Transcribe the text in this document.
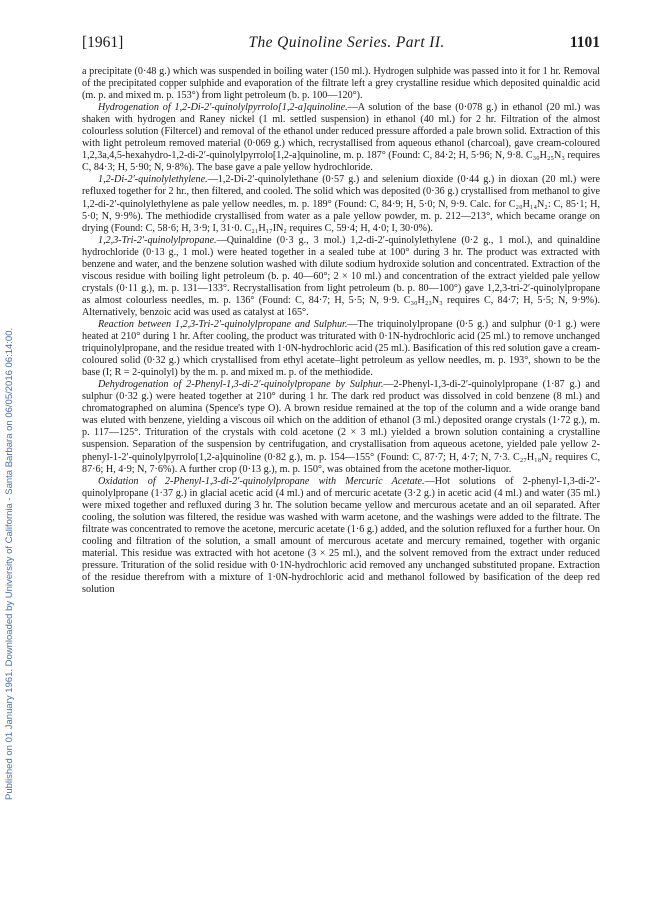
Published on 01 January 1961. Downloaded by University of California - Santa Barbara on 06/05/2016 06:14:00.
[1961]	The Quinoline Series. Part II.	1101

a precipitate (0·48 g.) which was suspended in boiling water (150 ml.). Hydrogen sulphide was passed into it for 1 hr. Removal of the precipitated copper sulphide and evaporation of the filtrate left a grey crystalline residue which deposited quinaldic acid (m. p. and mixed m. p. 153°) from light petroleum (b. p. 100—120°).

Hydrogenation of 1,2-Di-2′-quinolylpyrrolo[1,2-a]quinoline.—A solution of the base (0·078 g.) in ethanol (20 ml.) was shaken with hydrogen and Raney nickel (1 ml. settled suspension) in ethanol (40 ml.) for 2 hr. Filtration of the almost colourless solution (Filtercel) and removal of the ethanol under reduced pressure afforded a pale brown solid. Extraction of this with light petroleum removed material (0·069 g.) which, recrystallised from aqueous ethanol (charcoal), gave cream-coloured 1,2,3a,4,5-hexahydro-1,2-di-2′-quinolylpyrrolo[1,2-a]quinoline, m. p. 187° (Found: C, 84·2; H, 5·96; N, 9·8. C₃₀H₂₅N₃ requires C, 84·3; H, 5·90; N, 9·8%). The base gave a pale yellow hydrochloride.

1,2-Di-2′-quinolylethylene.—1,2-Di-2′-quinolylethane (0·57 g.) and selenium dioxide (0·44 g.) in dioxan (20 ml.) were refluxed together for 2 hr., then filtered, and cooled. The solid which was deposited (0·36 g.) crystallised from methanol to give 1,2-di-2′-quinolylethylene as pale yellow needles, m. p. 189° (Found: C, 84·9; H, 5·0; N, 9·9. Calc. for C₂₀H₁₄N₂: C, 85·1; H, 5·0; N, 9·9%). The methiodide crystallised from water as a pale yellow powder, m. p. 212—213°, which became orange on drying (Found: C, 58·6; H, 3·9; I, 31·0. C₂₁H₁₇IN₂ requires C, 59·4; H, 4·0; I, 30·0%).

1,2,3-Tri-2′-quinolylpropane.—Quinaldine (0·3 g., 3 mol.) 1,2-di-2′-quinolylethylene (0·2 g., 1 mol.), and quinaldine hydrochloride (0·13 g., 1 mol.) were heated together in a sealed tube at 100° during 3 hr. The product was extracted with benzene and water, and the benzene solution washed with dilute sodium hydroxide solution and concentrated. Extraction of the viscous residue with boiling light petroleum (b. p. 40—60°; 2 × 10 ml.) and concentration of the extract yielded pale yellow crystals (0·11 g.), m. p. 131—133°. Recrystallisation from light petroleum (b. p. 80—100°) gave 1,2,3-tri-2′-quinolylpropane as almost colourless needles, m. p. 136° (Found: C, 84·7; H, 5·5; N, 9·9. C₃₀H₂₃N₃ requires C, 84·7; H, 5·5; N, 9·9%). Alternatively, benzoic acid was used as catalyst at 165°.

Reaction between 1,2,3-Tri-2′-quinolylpropane and Sulphur.—The triquinolylpropane (0·5 g.) and sulphur (0·1 g.) were heated at 210° during 1 hr. After cooling, the product was triturated with 0·1N-hydrochloric acid (25 ml.) to remove unchanged triquinolylpropane, and the residue treated with 1·0N-hydrochloric acid (25 ml.). Basification of this red solution gave a cream-coloured solid (0·32 g.) which crystallised from ethyl acetate–light petroleum as yellow needles, m. p. 193°, shown to be the base (I; R = 2-quinolyl) by the m. p. and mixed m. p. of the methiodide.

Dehydrogenation of 2-Phenyl-1,3-di-2′-quinolylpropane by Sulphur.—2-Phenyl-1,3-di-2′-quinolylpropane (1·87 g.) and sulphur (0·32 g.) were heated together at 210° during 1 hr. The dark red product was dissolved in cold benzene (8 ml.) and chromatographed on alumina (Spence's type O). A brown residue remained at the top of the column and a wide orange band was eluted with benzene, yielding a viscous oil which on the addition of ethanol (3 ml.) deposited orange crystals (1·72 g.), m. p. 117—125°. Trituration of the crystals with cold acetone (2 × 3 ml.) yielded a brown solution containing a crystalline suspension. Separation of the suspension by centrifugation, and crystallisation from aqueous acetone, yielded pale yellow 2-phenyl-1-2′-quinolylpyrrolo[1,2-a]quinoline (0·82 g.), m. p. 154—155° (Found: C, 87·7; H, 4·7; N, 7·3. C₂₇H₁₈N₂ requires C, 87·6; H, 4·9; N, 7·6%). A further crop (0·13 g.), m. p. 150°, was obtained from the acetone mother-liquor.

Oxidation of 2-Phenyl-1,3-di-2′-quinolylpropane with Mercuric Acetate.—Hot solutions of 2-phenyl-1,3-di-2′-quinolylpropane (1·37 g.) in glacial acetic acid (4 ml.) and of mercuric acetate (3·2 g.) in acetic acid (4 ml.) and water (35 ml.) were mixed together and refluxed during 3 hr. The solution became yellow and mercurous acetate and an oil separated. After cooling, the solution was filtered, the residue was washed with warm acetone, and the washings were added to the filtrate. The filtrate was concentrated to remove the acetone, mercuric acetate (1·6 g.) added, and the solution refluxed for a further hour. On cooling and filtration of the solution, a small amount of mercurous acetate and mercury remained, together with organic material. This residue was extracted with hot acetone (3 × 25 ml.), and the solvent removed from the extract under reduced pressure. Trituration of the solid residue with 0·1N-hydrochloric acid removed any unchanged substituted propane. Extraction of the residue therefrom with a mixture of 1·0N-hydrochloric acid and methanol followed by basification of the deep red solution
